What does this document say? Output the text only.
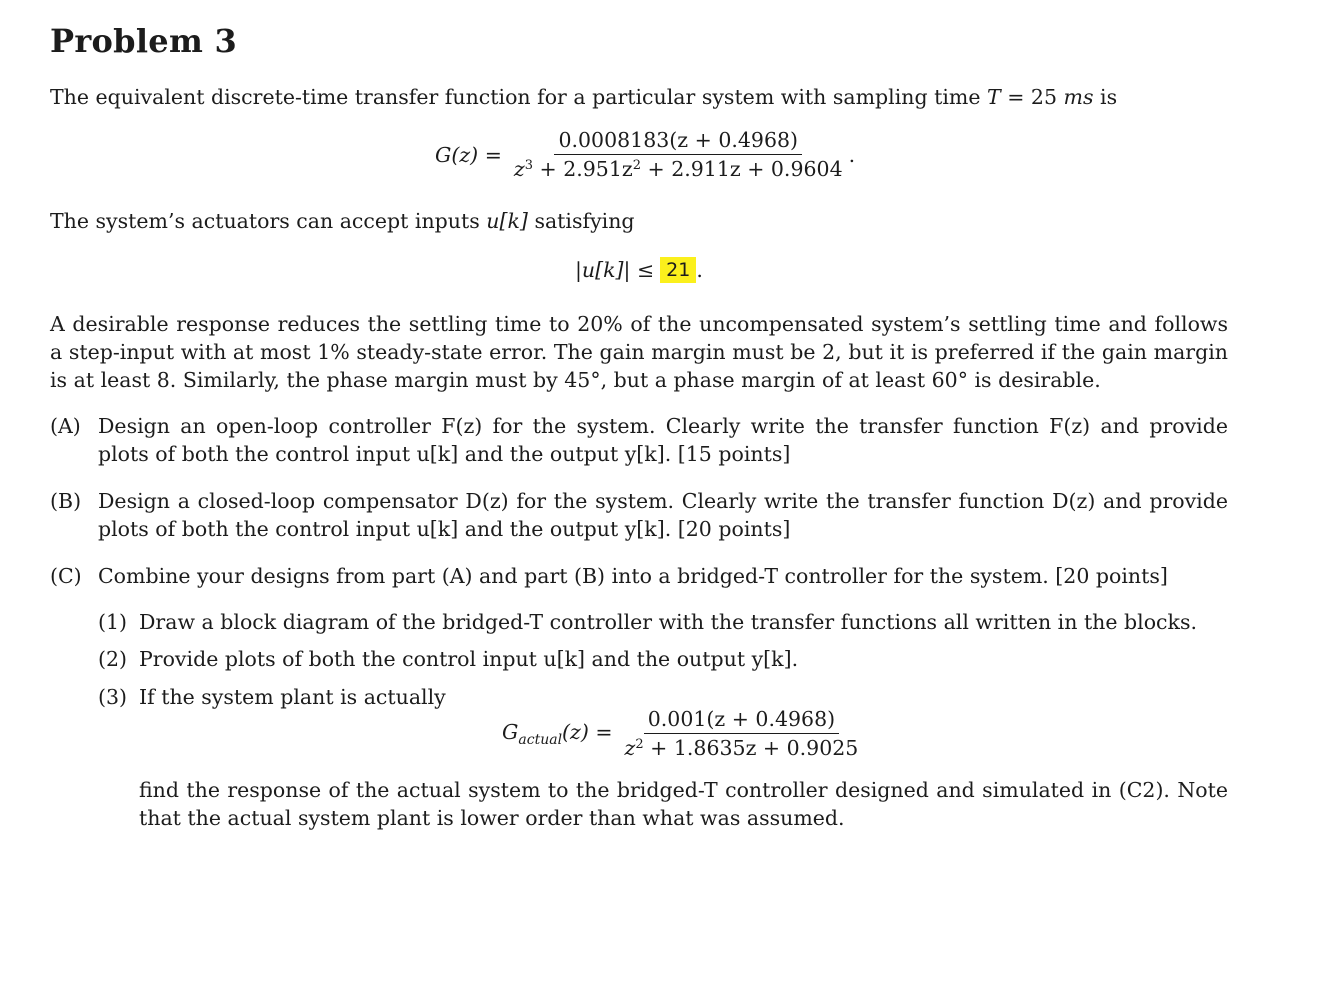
Problem 3

The equivalent discrete-time transfer function for a particular system with sampling time T = 25 ms is

$G(z) = \frac{0.0008183(z + 0.4968)}{z^3 + 2.951z^2 + 2.911z + 0.9604}$ .

The system’s actuators can accept inputs u[k] satisfying

|u[k]| ≤ 21 .

A desirable response reduces the settling time to 20% of the uncompensated system’s settling time and follows a step-input with at most 1% steady-state error. The gain margin must be 2, but it is preferred if the gain margin is at least 8. Similarly, the phase margin must by 45°, but a phase margin of at least 60° is desirable.

(A) Design an open-loop controller F(z) for the system. Clearly write the transfer function F(z) and provide plots of both the control input u[k] and the output y[k]. [15 points]
(B) Design a closed-loop compensator D(z) for the system. Clearly write the transfer function D(z) and provide plots of both the control input u[k] and the output y[k]. [20 points]
(C) Combine your designs from part (A) and part (B) into a bridged-T controller for the system. [20 points]
(1) Draw a block diagram of the bridged-T controller with the transfer functions all written in the blocks.
(2) Provide plots of both the control input u[k] and the output y[k].
(3) If the system plant is actually
$G_{actual}(z) = \frac{0.001(z + 0.4968)}{z^2 + 1.8635z + 0.9025}$

find the response of the actual system to the bridged-T controller designed and simulated in (C2). Note that the actual system plant is lower order than what was assumed.
